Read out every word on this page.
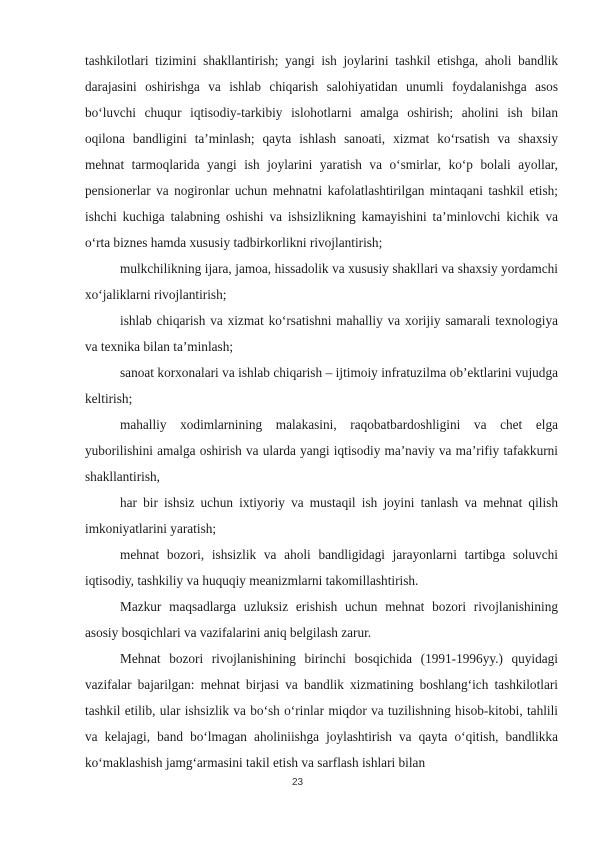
tashkilotlari tizimini shakllantirish; yangi ish joylarini tashkil etishga, aholi bandlik darajasini oshirishga va ishlab chiqarish salohiyatidan unumli foydalanishga asos bo‘luvchi chuqur iqtisodiy-tarkibiy islohotlarni amalga oshirish; aholini ish bilan oqilona bandligini ta’minlash; qayta ishlash sanoati, xizmat ko‘rsatish va shaxsiy mehnat tarmoqlarida yangi ish joylarini yaratish va o‘smirlar, ko‘p bolali ayollar, pensionerlar va nogironlar uchun mehnatni kafolatlashtirilgan mintaqani tashkil etish; ishchi kuchiga talabning oshishi va ishsizlikning kamayishini ta’minlovchi kichik va o‘rta biznes hamda xususiy tadbirkorlikni rivojlantirish;

mulkchilikning ijara, jamoa, hissadolik va xususiy shakllari va shaxsiy yordamchi xo‘jaliklarni rivojlantirish;

ishlab chiqarish va xizmat ko‘rsatishni mahalliy va xorijiy samarali texnologiya va texnika bilan ta’minlash;

sanoat korxonalari va ishlab chiqarish – ijtimoiy infratuzilma ob’ektlarini vujudga keltirish;

mahalliy xodimlarnining malakasini, raqobatbardoshligini va chet elga yuborilishini amalga oshirish va ularda yangi iqtisodiy ma’naviy va ma’rifiy tafakkurni shakllantirish,

har bir ishsiz uchun ixtiyoriy va mustaqil ish joyini tanlash va mehnat qilish imkoniyatlarini yaratish;

mehnat bozori, ishsizlik va aholi bandligidagi jarayonlarni tartibga soluvchi iqtisodiy, tashkiliy va huquqiy meanizmlarni takomillashtirish.

Mazkur maqsadlarga uzluksiz erishish uchun mehnat bozori rivojlanishining asosiy bosqichlari va vazifalarini aniq belgilash zarur.

Mehnat bozori rivojlanishining birinchi bosqichida (1991-1996yy.) quyidagi vazifalar bajarilgan: mehnat birjasi va bandlik xizmatining boshlang‘ich tashkilotlari tashkil etilib, ular ishsizlik va bo‘sh o‘rinlar miqdor va tuzilishning hisob-kitobi, tahlili va kelajagi, band bo‘lmagan aholiniishga joylashtirish va qayta o‘qitish, bandlikka ko‘maklashish jamg‘armasini takil etish va sarflash ishlari bilan

23
